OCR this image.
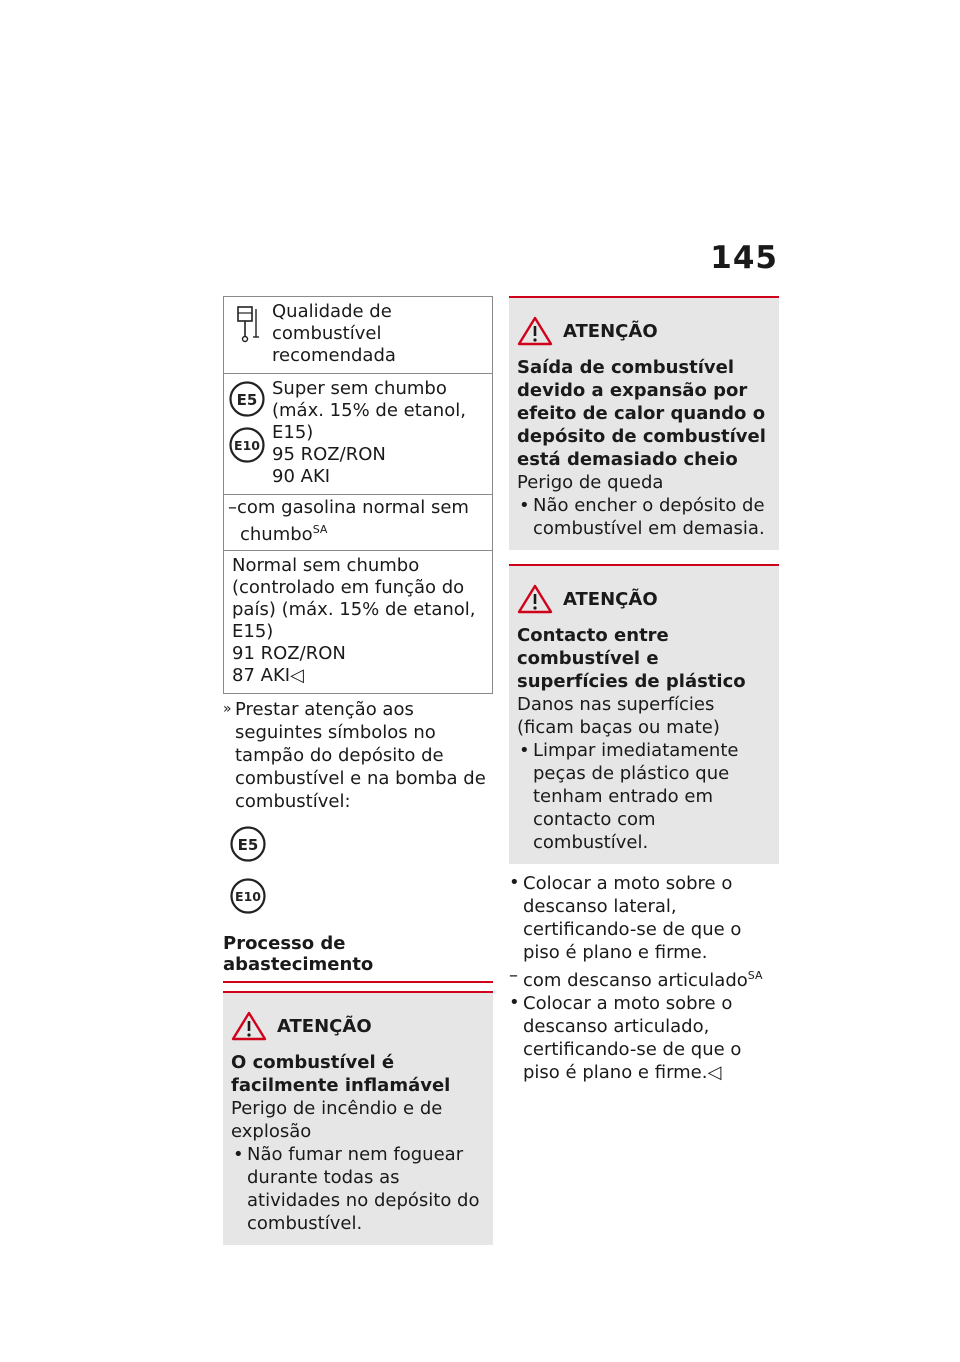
145
Qualidade de combustível recomendada
E5
E10
Super sem chumbo (máx. 15% de etanol, E15)
95 ROZ/RON
90 AKI
–com gasolina normal sem chumbo$^{SA}$
Normal sem chumbo (controlado em função do país) (máx. 15% de etanol, E15)
91 ROZ/RON
87 AKI◁
» Prestar atenção aos seguintes símbolos no tampão do depósito de combustível e na bomba de combustível:
E5
E10
Processo de abastecimento
ATENÇÃO
O combustível é facilmente inflamável
Perigo de incêndio e de explosão
• Não fumar nem foguear durante todas as atividades no depósito do combustível.
ATENÇÃO
Saída de combustível devido a expansão por efeito de calor quando o depósito de combustível está demasiado cheio
Perigo de queda
• Não encher o depósito de combustível em demasia.
ATENÇÃO
Contacto entre combustível e superfícies de plástico
Danos nas superfícies (ficam baças ou mate)
• Limpar imediatamente peças de plástico que tenham entrado em contacto com combustível.
• Colocar a moto sobre o descanso lateral, certificando-se de que o piso é plano e firme.
– com descanso articulado$^{SA}$
• Colocar a moto sobre o descanso articulado, certificando-se de que o piso é plano e firme.◁
